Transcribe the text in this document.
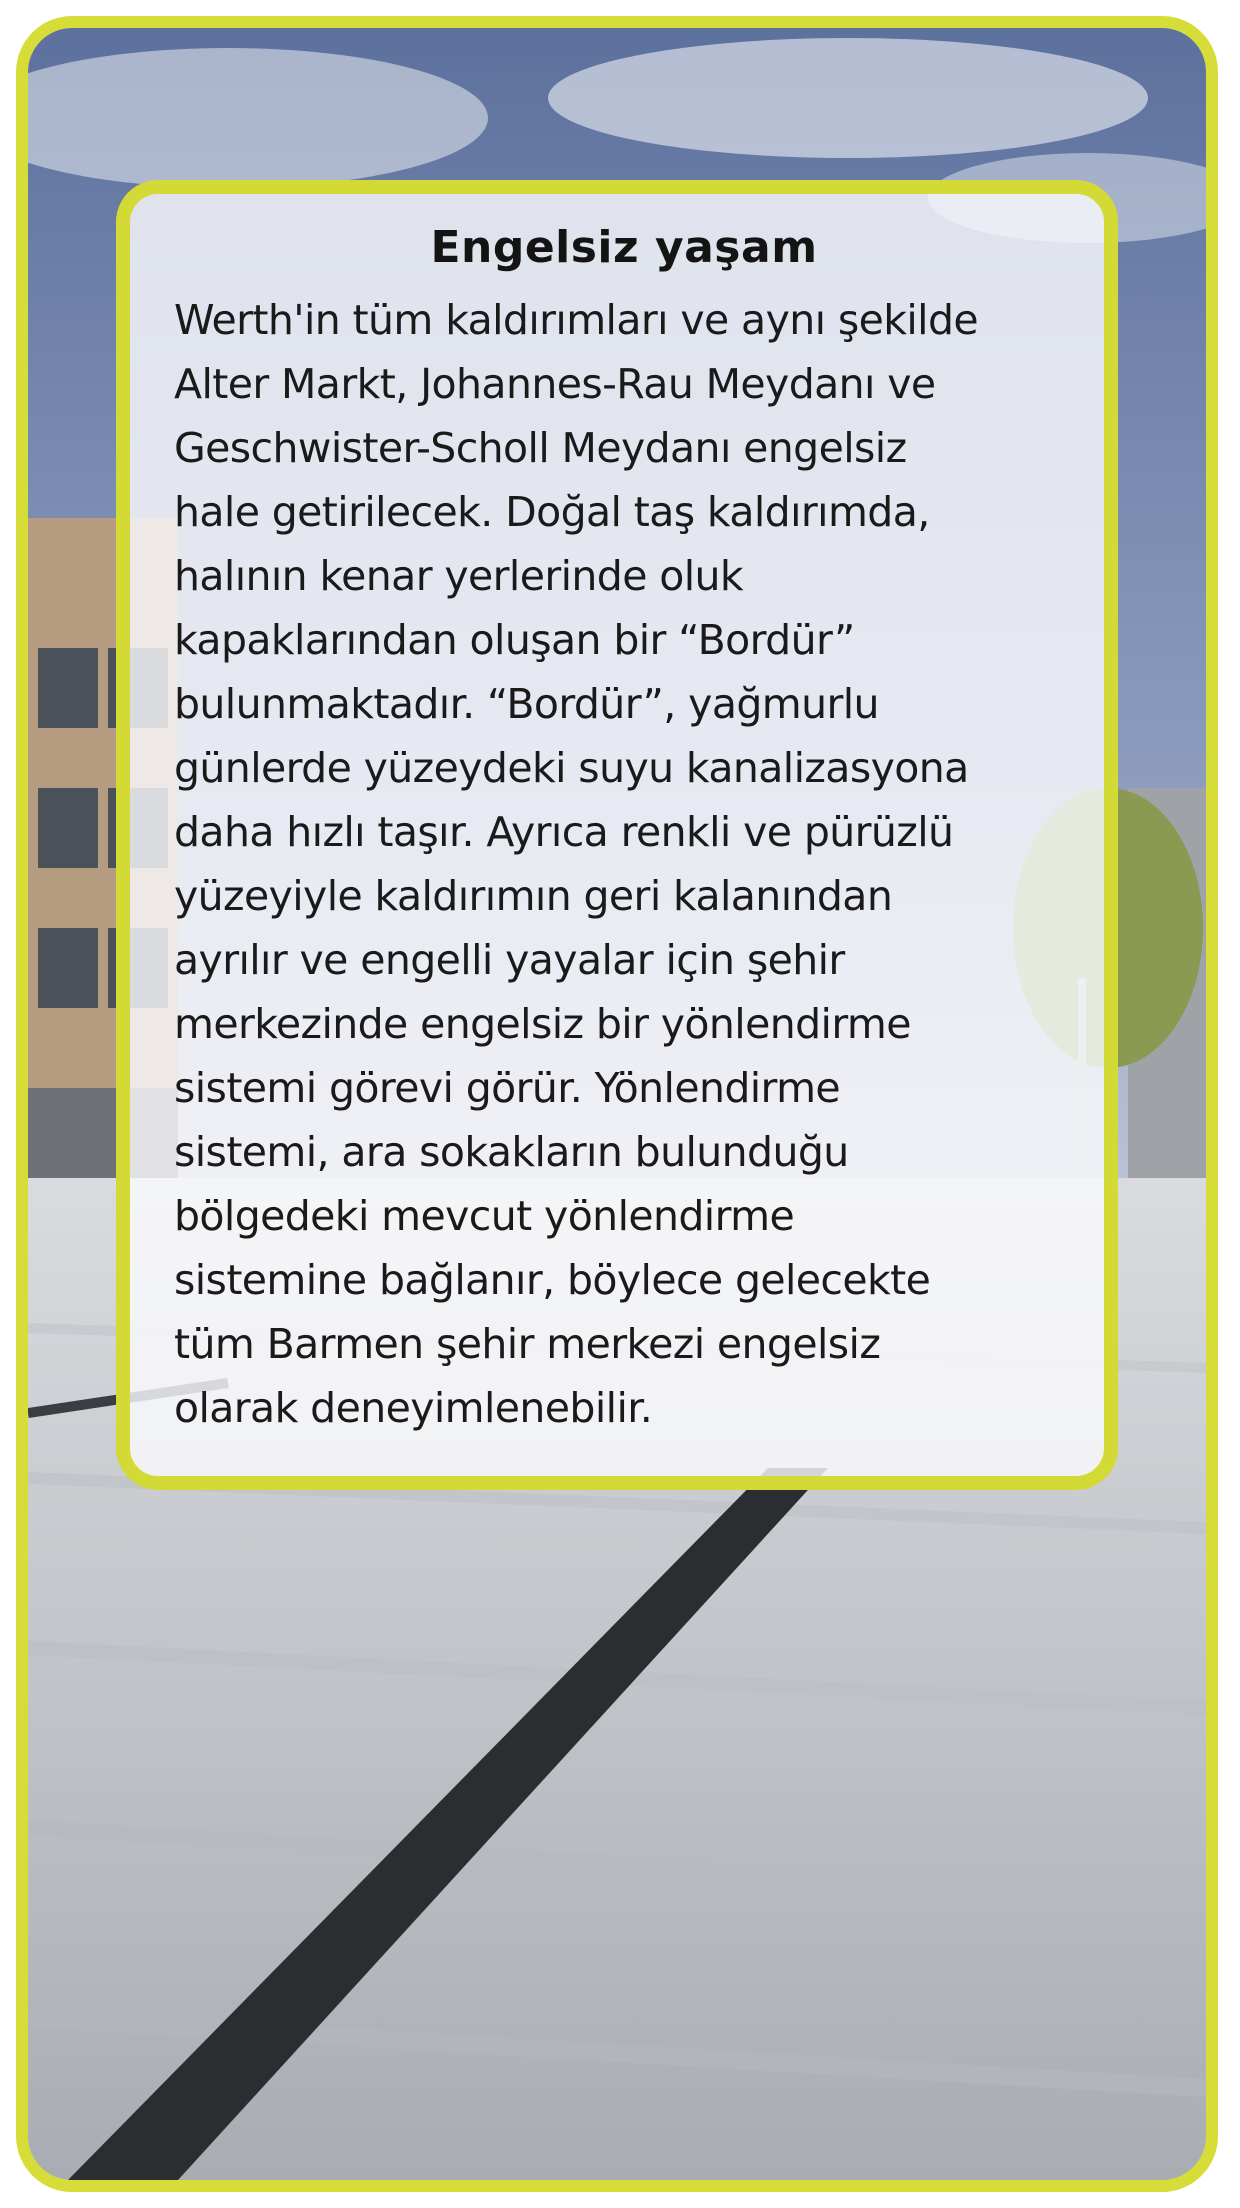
Engelsiz yaşam

Werth'in tüm kaldırımları ve aynı şekilde
Alter Markt, Johannes-Rau Meydanı ve
Geschwister-Scholl Meydanı engelsiz
hale getirilecek. Doğal taş kaldırımda,
halının kenar yerlerinde oluk
kapaklarından oluşan bir “Bordür”
bulunmaktadır. “Bordür”, yağmurlu
günlerde yüzeydeki suyu kanalizasyona
daha hızlı taşır. Ayrıca renkli ve pürüzlü
yüzeyiyle kaldırımın geri kalanından
ayrılır ve engelli yayalar için şehir
merkezinde engelsiz bir yönlendirme
sistemi görevi görür. Yönlendirme
sistemi, ara sokakların bulunduğu
bölgedeki mevcut yönlendirme
sistemine bağlanır, böylece gelecekte
tüm Barmen şehir merkezi engelsiz
olarak deneyimlenebilir.
